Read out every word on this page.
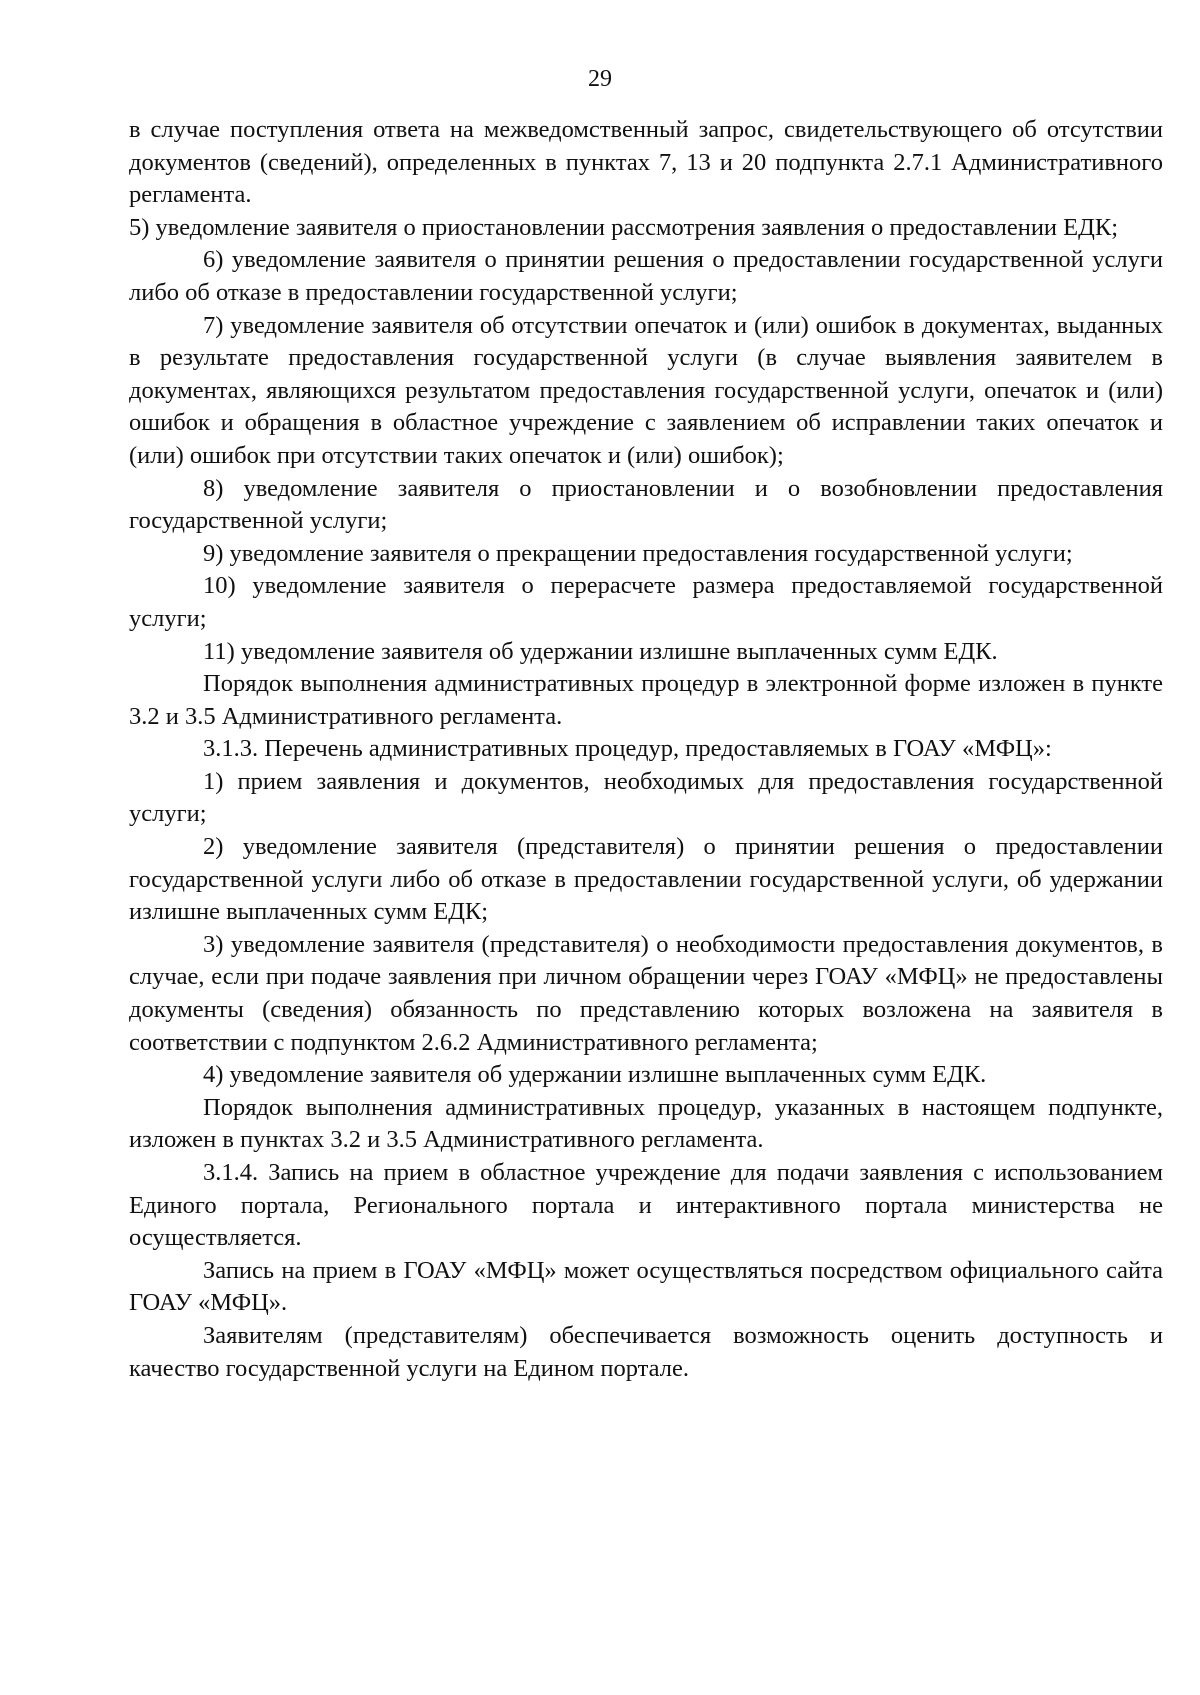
29

в случае поступления ответа на межведомственный запрос, свидетельствующего об отсутствии документов (сведений), определенных в пунктах 7, 13 и 20 подпункта 2.7.1 Административного регламента.

5) уведомление заявителя о приостановлении рассмотрения заявления о предоставлении ЕДК;

6) уведомление заявителя о принятии решения о предоставлении государственной услуги либо об отказе в предоставлении государственной услуги;

7) уведомление заявителя об отсутствии опечаток и (или) ошибок в документах, выданных в результате предоставления государственной услуги (в случае выявления заявителем в документах, являющихся результатом предоставления государственной услуги, опечаток и (или) ошибок и обращения в областное учреждение с заявлением об исправлении таких опечаток и (или) ошибок при отсутствии таких опечаток и (или) ошибок);

8) уведомление заявителя о приостановлении и о возобновлении предоставления государственной услуги;

9) уведомление заявителя о прекращении предоставления государственной услуги;

10) уведомление заявителя о перерасчете размера предоставляемой государственной услуги;

11) уведомление заявителя об удержании излишне выплаченных сумм ЕДК.

Порядок выполнения административных процедур в электронной форме изложен в пункте 3.2 и 3.5 Административного регламента.

3.1.3. Перечень административных процедур, предоставляемых в ГОАУ «МФЦ»:

1) прием заявления и документов, необходимых для предоставления государственной услуги;

2) уведомление заявителя (представителя) о принятии решения о предоставлении государственной услуги либо об отказе в предоставлении государственной услуги, об удержании излишне выплаченных сумм ЕДК;

3) уведомление заявителя (представителя) о необходимости предоставления документов, в случае, если при подаче заявления при личном обращении через ГОАУ «МФЦ» не предоставлены документы (сведения) обязанность по представлению которых возложена на заявителя в соответствии с подпунктом 2.6.2 Административного регламента;

4) уведомление заявителя об удержании излишне выплаченных сумм ЕДК.

Порядок выполнения административных процедур, указанных в настоящем подпункте, изложен в пунктах 3.2 и 3.5 Административного регламента.

3.1.4. Запись на прием в областное учреждение для подачи заявления с использованием Единого портала, Регионального портала и интерактивного портала министерства не осуществляется.

Запись на прием в ГОАУ «МФЦ» может осуществляться посредством официального сайта ГОАУ «МФЦ».

Заявителям (представителям) обеспечивается возможность оценить доступность и качество государственной услуги на Едином портале.
